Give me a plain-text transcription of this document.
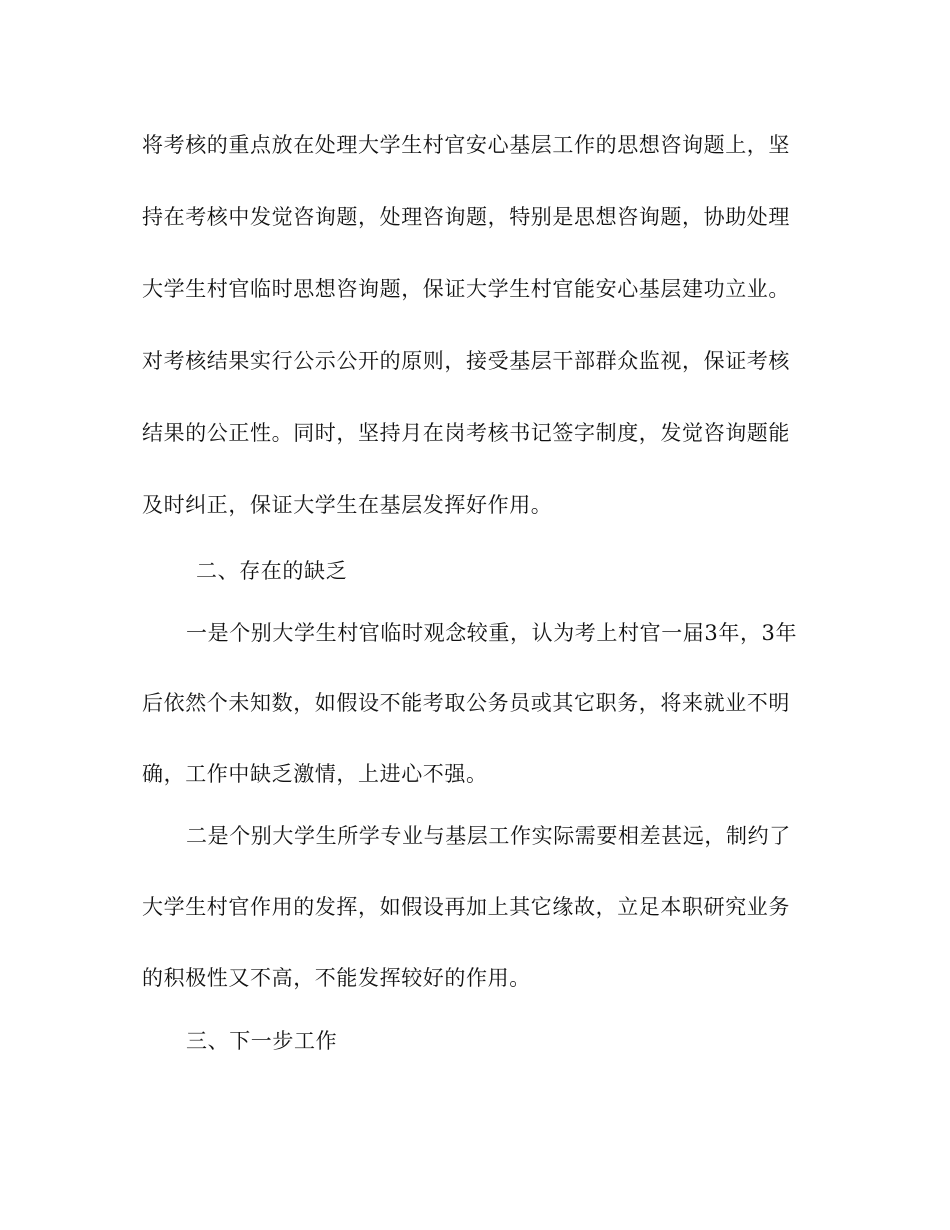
将考核的重点放在处理大学生村官安心基层工作的思想咨询题上，坚
持在考核中发觉咨询题，处理咨询题，特别是思想咨询题，协助处理
大学生村官临时思想咨询题，保证大学生村官能安心基层建功立业。
对考核结果实行公示公开的原则，接受基层干部群众监视，保证考核
结果的公正性。同时，坚持月在岗考核书记签字制度，发觉咨询题能
及时纠正，保证大学生在基层发挥好作用。
二、存在的缺乏
一是个别大学生村官临时观念较重，认为考上村官一届3年，3年
后依然个未知数，如假设不能考取公务员或其它职务，将来就业不明
确，工作中缺乏激情，上进心不强。
二是个别大学生所学专业与基层工作实际需要相差甚远，制约了
大学生村官作用的发挥，如假设再加上其它缘故，立足本职研究业务
的积极性又不高，不能发挥较好的作用。
三、下一步工作
